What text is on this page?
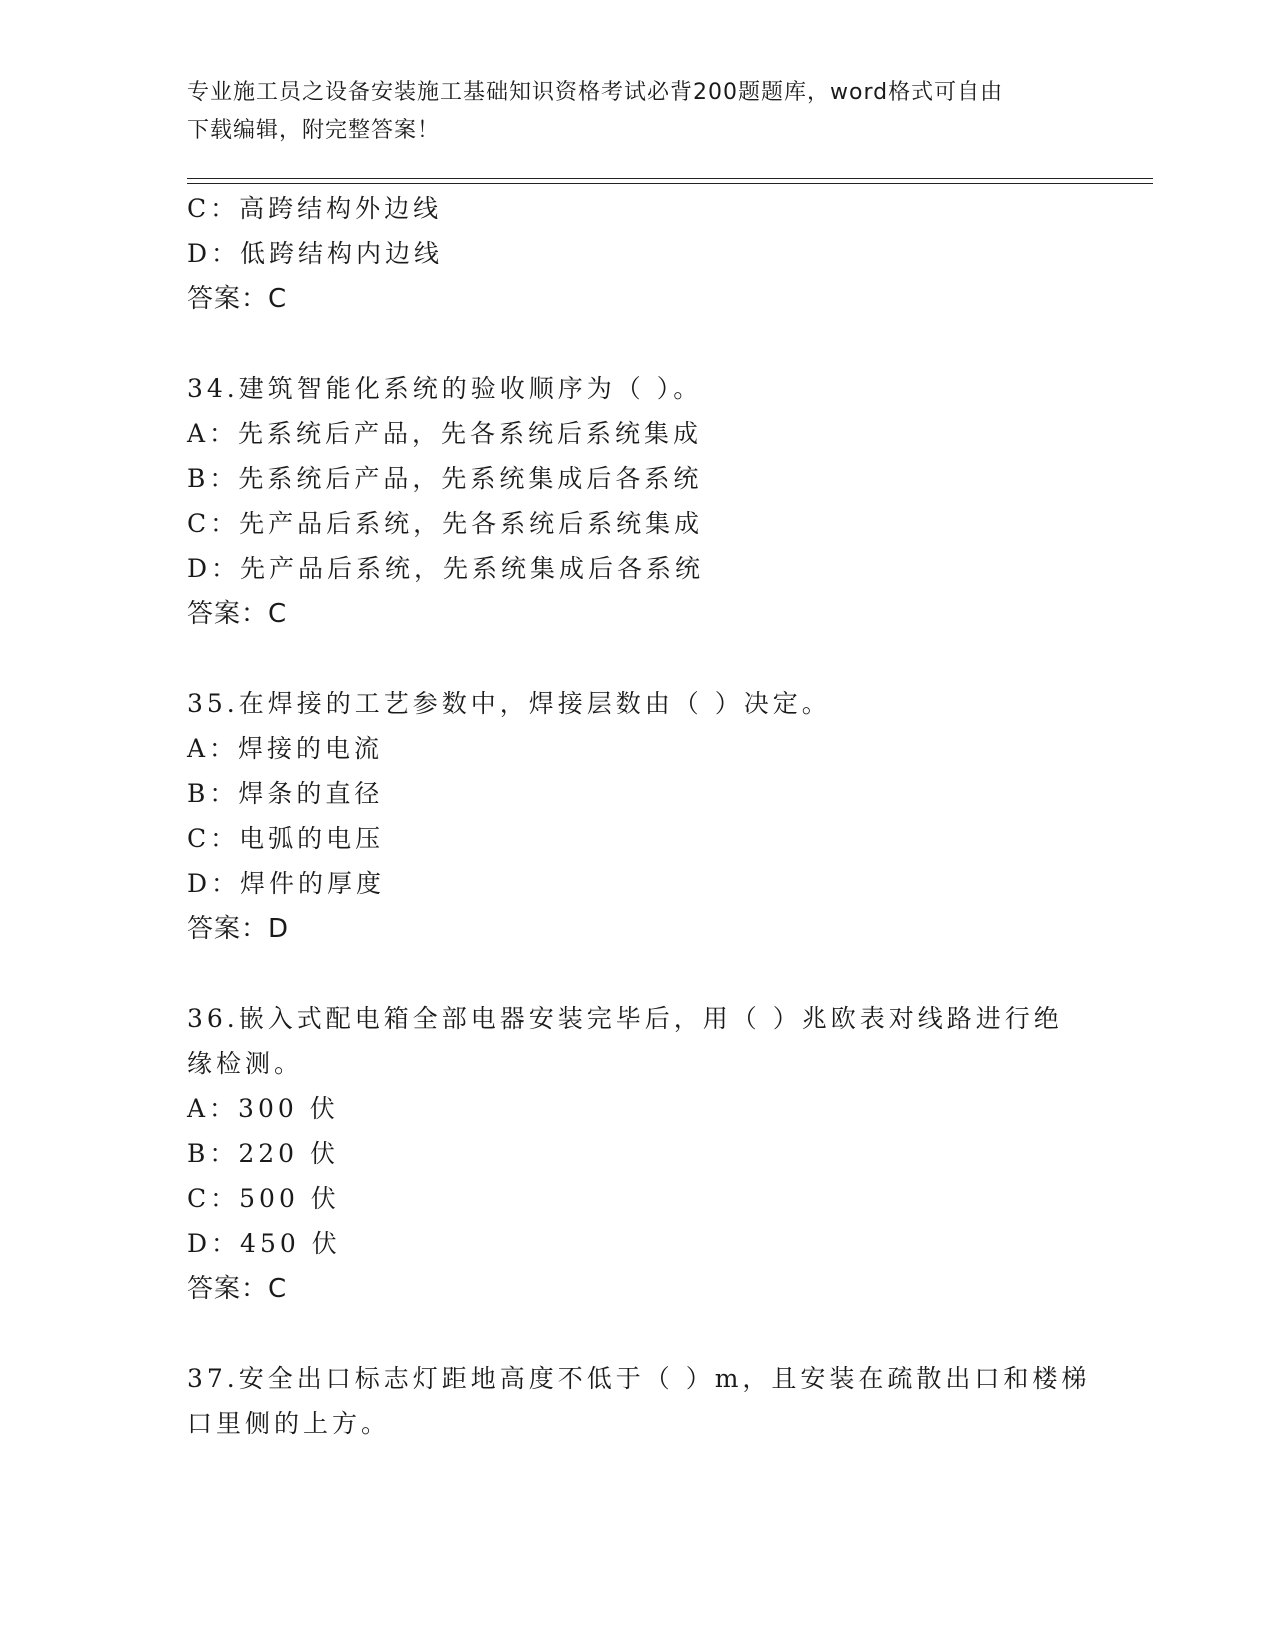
专业施工员之设备安装施工基础知识资格考试必背200题题库，word格式可自由
下载编辑，附完整答案！
C：高跨结构外边线
D：低跨结构内边线
答案：C
34.建筑智能化系统的验收顺序为（ ）。
A：先系统后产品，先各系统后系统集成
B：先系统后产品，先系统集成后各系统
C：先产品后系统，先各系统后系统集成
D：先产品后系统，先系统集成后各系统
答案：C
35.在焊接的工艺参数中，焊接层数由（ ）决定。
A：焊接的电流
B：焊条的直径
C：电弧的电压
D：焊件的厚度
答案：D
36.嵌入式配电箱全部电器安装完毕后，用（ ）兆欧表对线路进行绝
缘检测。
A：300 伏
B：220 伏
C：500 伏
D：450 伏
答案：C
37.安全出口标志灯距地高度不低于（ ）m，且安装在疏散出口和楼梯
口里侧的上方。
